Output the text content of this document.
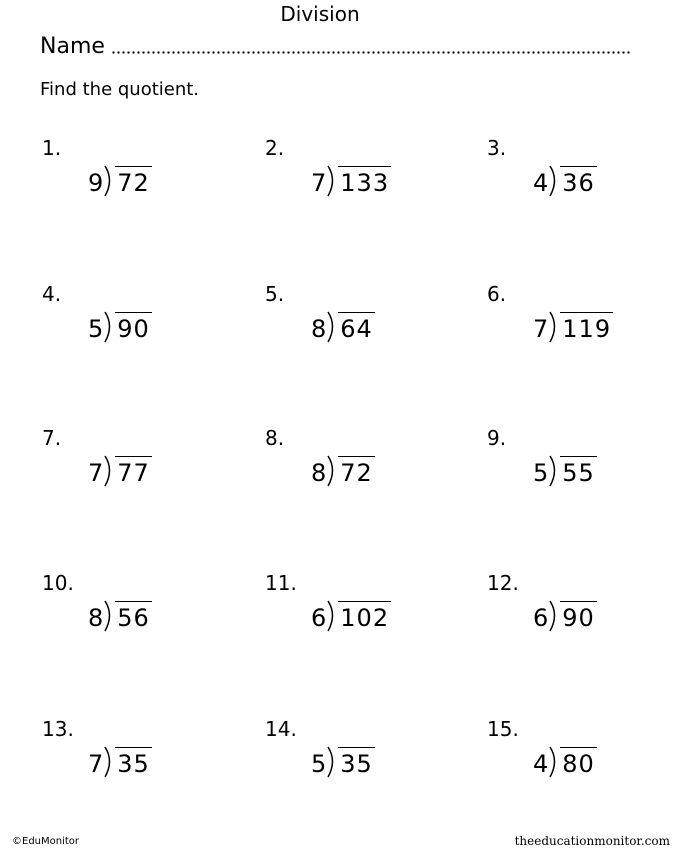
Division
Name
Find the quotient.
1.
9 72
2.
7 133
3.
4 36
4.
5 90
5.
8 64
6.
7 119
7.
7 77
8.
8 72
9.
5 55
10.
8 56
11.
6 102
12.
6 90
13.
7 35
14.
5 35
15.
4 80
©EduMonitor	theeducationmonitor.com
